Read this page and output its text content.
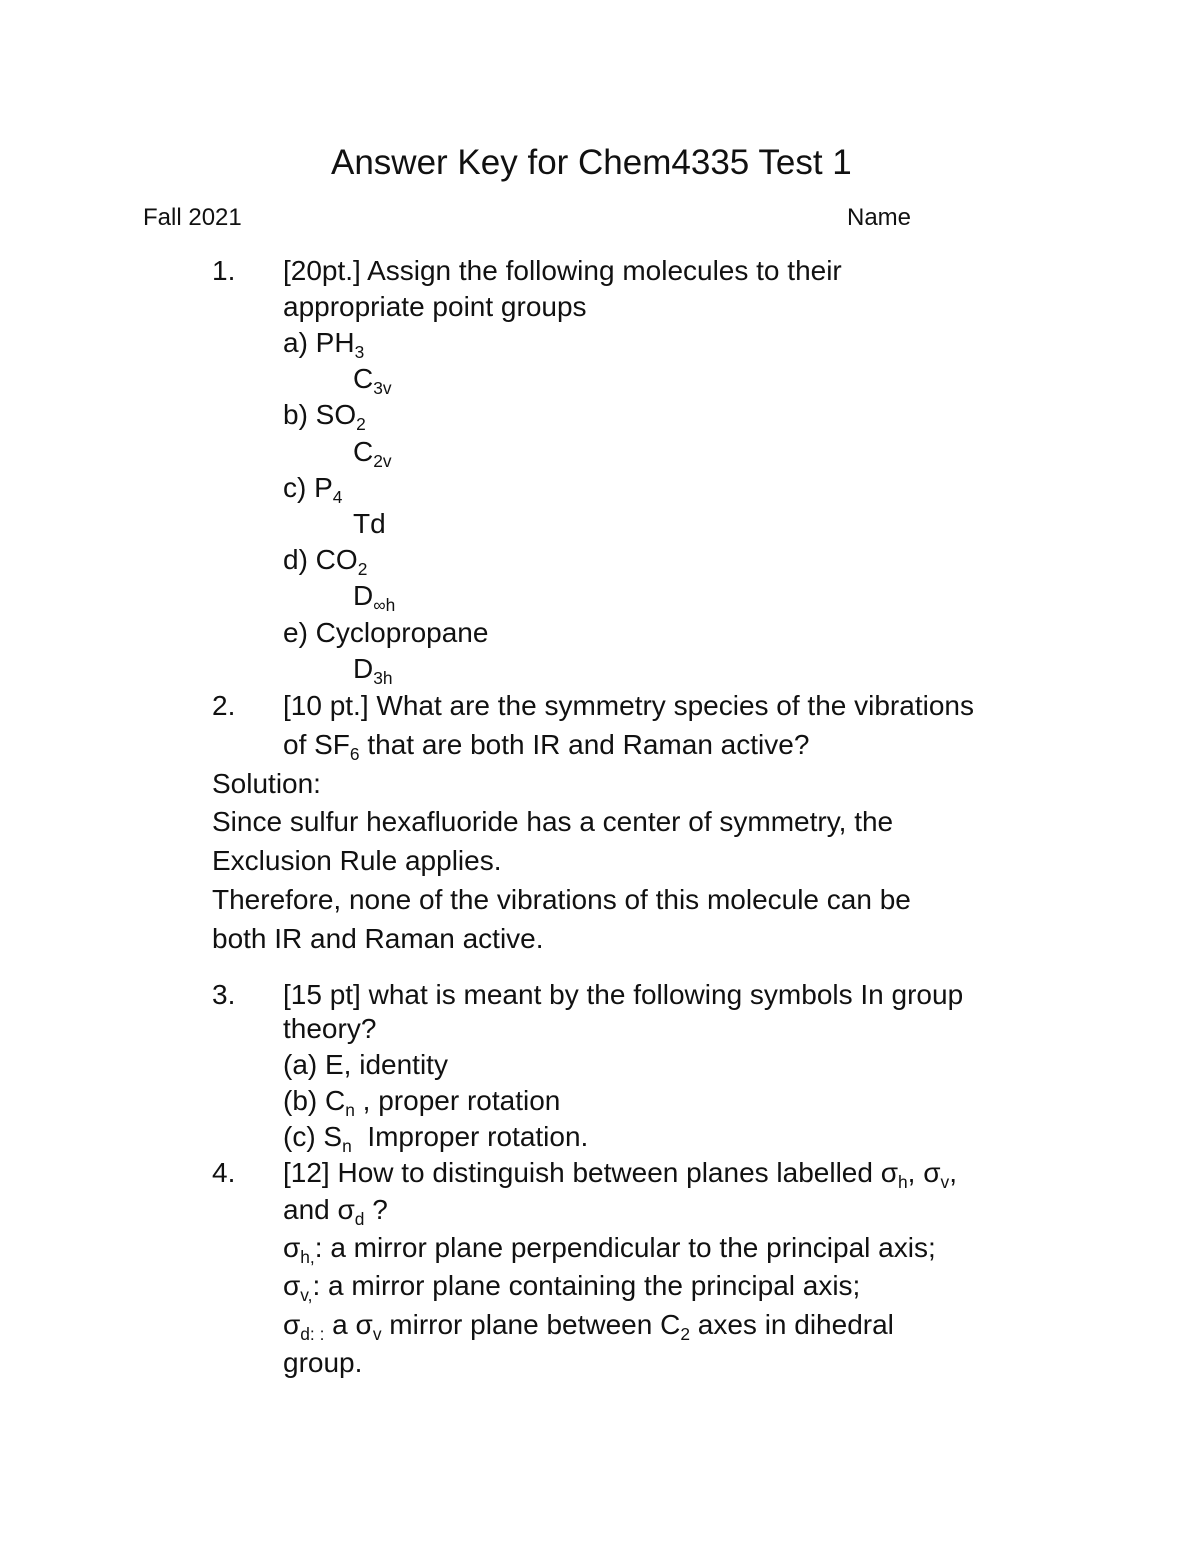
Answer Key for Chem4335 Test 1
Fall 2021	Name
1. [20pt.] Assign the following molecules to their
appropriate point groups
a) $PH_3$
$C_{3v}$
b) $SO_2$
$C_{2v}$
c) $P_4$
Td
d) $CO_2$
$D_{\infty h}$
e) Cyclopropane
$D_{3h}$
2. [10 pt.] What are the symmetry species of the vibrations
of $SF_6$ that are both IR and Raman active?
Solution:
Since sulfur hexafluoride has a center of symmetry, the
Exclusion Rule applies.
Therefore, none of the vibrations of this molecule can be
both IR and Raman active.
3. [15 pt] what is meant by the following symbols In group
theory?
(a) E, identity
(b) $C_n$ , proper rotation
(c) $S_n$  Improper rotation.
4. [12] How to distinguish between planes labelled $\sigma_h$, $\sigma_v$,
and $\sigma_d$ ?
$\sigma_{h,}$: a mirror plane perpendicular to the principal axis;
$\sigma_{v,}$: a mirror plane containing the principal axis;
$\sigma_{d: :}$ a $\sigma_v$ mirror plane between $C_2$ axes in dihedral
group.
